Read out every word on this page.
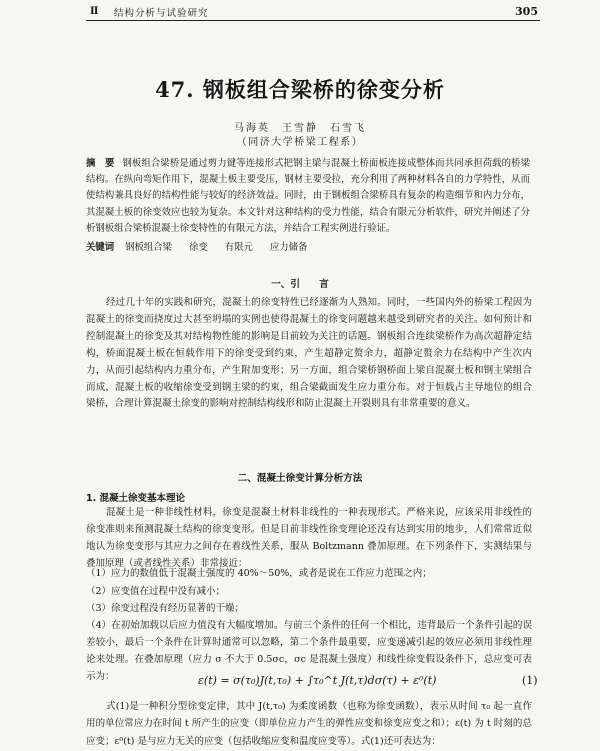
Ⅱ	结构分析与试验研究	305
47. 钢板组合梁桥的徐变分析
马海英　王雪静　石雪飞
（同济大学桥梁工程系）
摘　要 钢板组合梁桥是通过剪力键等连接形式把钢主梁与混凝土桥面板连接成整体而共同承担荷载的桥梁结构。在纵向弯矩作用下，混凝土板主要受压，钢材主要受拉，充分利用了两种材料各自的力学特性，从而使结构兼具良好的结构性能与较好的经济效益。同时，由于钢板组合梁桥具有复杂的构造细节和内力分布，其混凝土板的徐变效应也较为复杂。本文针对这种结构的受力性能，结合有限元分析软件，研究并阐述了分析钢板组合梁桥混凝土徐变特性的有限元方法，并结合工程实例进行验证。
关键词 钢板组合梁 徐变 有限元 应力储备
一、引　　言
经过几十年的实践和研究，混凝土的徐变特性已经逐渐为人熟知。同时，一些国内外的桥梁工程因为混凝土的徐变而挠度过大甚至坍塌的实例也使得混凝土的徐变问题越来越受到研究者的关注。如何预计和控制混凝土的徐变及其对结构物性能的影响是目前较为关注的话题。钢板组合连续梁桥作为高次超静定结构，桥面混凝土板在恒载作用下的徐变受到约束，产生超静定赘余力，超静定赘余力在结构中产生次内力，从而引起结构内力重分布，产生附加变形；另一方面，组合梁桥钢桥面上梁自混凝土板和钢主梁组合而成，混凝土板的收缩徐变受到钢主梁的约束，组合梁截面发生应力重分布。对于恒载占主导地位的组合梁桥，合理计算混凝土徐变的影响对控制结构线形和防止混凝土开裂则具有非常重要的意义。
二、混凝土徐变计算分析方法
1. 混凝土徐变基本理论
混凝土是一种非线性材料，徐变是混凝土材料非线性的一种表现形式。严格来说，应该采用非线性的徐变准则来预测混凝土结构的徐变变形。但是目前非线性徐变理论还没有达到实用的地步，人们常常近似地认为徐变变形与其应力之间存在着线性关系，服从 Boltzmann 叠加原理。在下列条件下，实测结果与叠加原理（或者线性关系）非常接近：
（1）应力的数值低于混凝土强度的 40%～50%，或者是说在工作应力范围之内；
（2）应变值在过程中没有减小；
（3）徐变过程没有经历显著的干燥；
（4）在初始加载以后应力值没有大幅度增加。与前三个条件的任何一个相比，违背最后一个条件引起的误差较小，最后一个条件在计算时通常可以忽略，第二个条件最重要，应变递减引起的效应必须用非线性理论来处理。在叠加原理（应力 σ 不大于 0.5σc，σc 是混凝土强度）和线性徐变假设条件下，总应变可表示为：	ε(t) = σ(τ₀)J(t,τ₀) + ∫τ₀^t J(t,τ)dσ(τ) + ε⁰(t)	(1)
式(1)是一种积分型徐变定律，其中 J(t,τ₀) 为柔度函数（也称为徐变函数），表示从时间 τ₀ 起一直作用的单位常应力在时间 t 所产生的应变（即单位应力产生的弹性应变和徐变应变之和）；ε(t) 为 t 时刻的总应变；ε⁰(t) 是与应力无关的应变（包括收缩应变和温度应变等）。式(1)还可表达为：
